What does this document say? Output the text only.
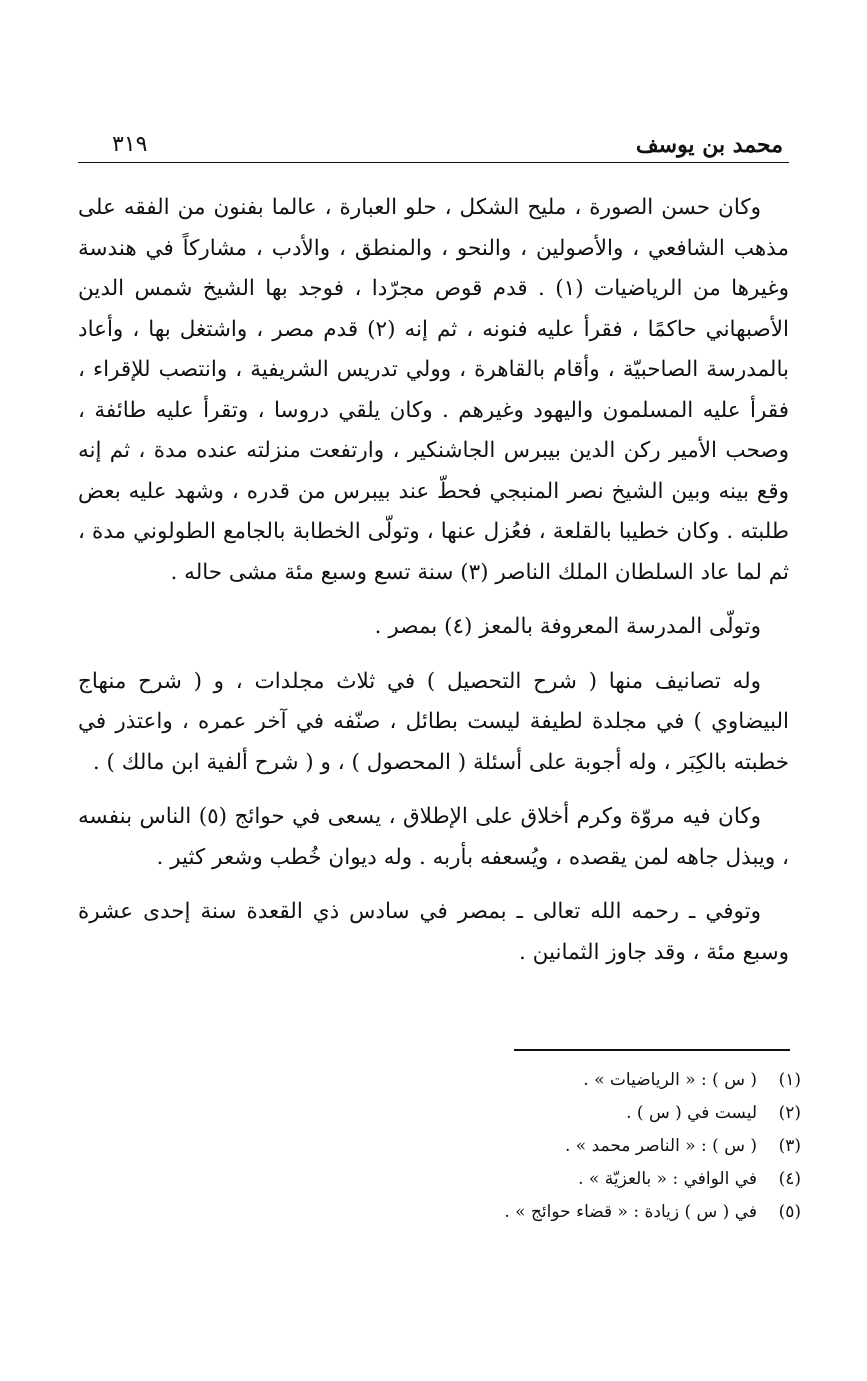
محمد بن يوسف
٣١٩

وكان حسن الصورة ، مليح الشكل ، حلو العبارة ، عالما بفنون من الفقه على مذهب الشافعي ، والأصولين ، والنحو ، والمنطق ، والأدب ، مشاركاً في هندسة وغيرها من الرياضيات (١) . قدم قوص مجرّدا ، فوجد بها الشيخ شمس الدين الأصبهاني حاكمًا ، فقرأ عليه فنونه ، ثم إنه (٢) قدم مصر ، واشتغل بها ، وأعاد بالمدرسة الصاحبيّة ، وأقام بالقاهرة ، وولي تدريس الشريفية ، وانتصب للإقراء ، فقرأ عليه المسلمون واليهود وغيرهم . وكان يلقي دروسا ، وتقرأ عليه طائفة ، وصحب الأمير ركن الدين بيبرس الجاشنكير ، وارتفعت منزلته عنده مدة ، ثم إنه وقع بينه وبين الشيخ نصر المنبجي فحطّ عند بيبرس من قدره ، وشهد عليه بعض طلبته . وكان خطيبا بالقلعة ، فعُزل عنها ، وتولّى الخطابة بالجامع الطولوني مدة ، ثم لما عاد السلطان الملك الناصر (٣) سنة تسع وسبع مئة مشى حاله .

وتولّى المدرسة المعروفة بالمعز (٤) بمصر .

وله تصانيف منها ( شرح التحصيل ) في ثلاث مجلدات ، و ( شرح منهاج البيضاوي ) في مجلدة لطيفة ليست بطائل ، صنّفه في آخر عمره ، واعتذر في خطبته بالكِبَر ، وله أجوبة على أسئلة ( المحصول ) ، و ( شرح ألفية ابن مالك ) .

وكان فيه مروّة وكرم أخلاق على الإطلاق ، يسعى في حوائج (٥) الناس بنفسه ، ويبذل جاهه لمن يقصده ، ويُسعفه بأربه . وله ديوان خُطب وشعر كثير .

وتوفي ـ رحمه الله تعالى ـ بمصر في سادس ذي القعدة سنة إحدى عشرة وسبع مئة ، وقد جاوز الثمانين .

(١)
( س ) : « الرياضيات » .
(٢)
ليست في ( س ) .
(٣)
( س ) : « الناصر محمد » .
(٤)
في الوافي : « بالعزيّة » .
(٥)
في ( س ) زيادة : « قضاء حوائج » .
